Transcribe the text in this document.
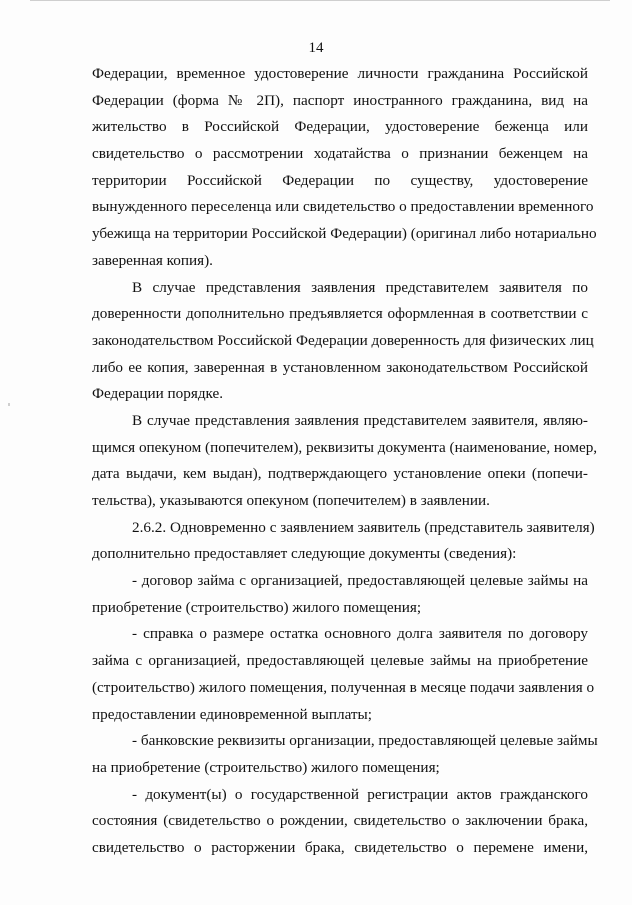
14
Федерации, временное удостоверение личности гражданина Российской
Федерации (форма № 2П), паспорт иностранного гражданина, вид на
жительство в Российской Федерации, удостоверение беженца или
свидетельство о рассмотрении ходатайства о признании беженцем на
территории Российской Федерации по существу, удостоверение
вынужденного переселенца или свидетельство о предоставлении временного
убежища на территории Российской Федерации) (оригинал либо нотариально
заверенная копия).
В случае представления заявления представителем заявителя по
доверенности дополнительно предъявляется оформленная в соответствии с
законодательством Российской Федерации доверенность для физических лиц
либо ее копия, заверенная в установленном законодательством Российской
Федерации порядке.
В случае представления заявления представителем заявителя, являю-
щимся опекуном (попечителем), реквизиты документа (наименование, номер,
дата выдачи, кем выдан), подтверждающего установление опеки (попечи-
тельства), указываются опекуном (попечителем) в заявлении.
2.6.2. Одновременно с заявлением заявитель (представитель заявителя)
дополнительно предоставляет следующие документы (сведения):
- договор займа с организацией, предоставляющей целевые займы на
приобретение (строительство) жилого помещения;
- справка о размере остатка основного долга заявителя по договору
займа с организацией, предоставляющей целевые займы на приобретение
(строительство) жилого помещения, полученная в месяце подачи заявления о
предоставлении единовременной выплаты;
- банковские реквизиты организации, предоставляющей целевые займы
на приобретение (строительство) жилого помещения;
- документ(ы) о государственной регистрации актов гражданского
состояния (свидетельство о рождении, свидетельство о заключении брака,
свидетельство о расторжении брака, свидетельство о перемене имени,
